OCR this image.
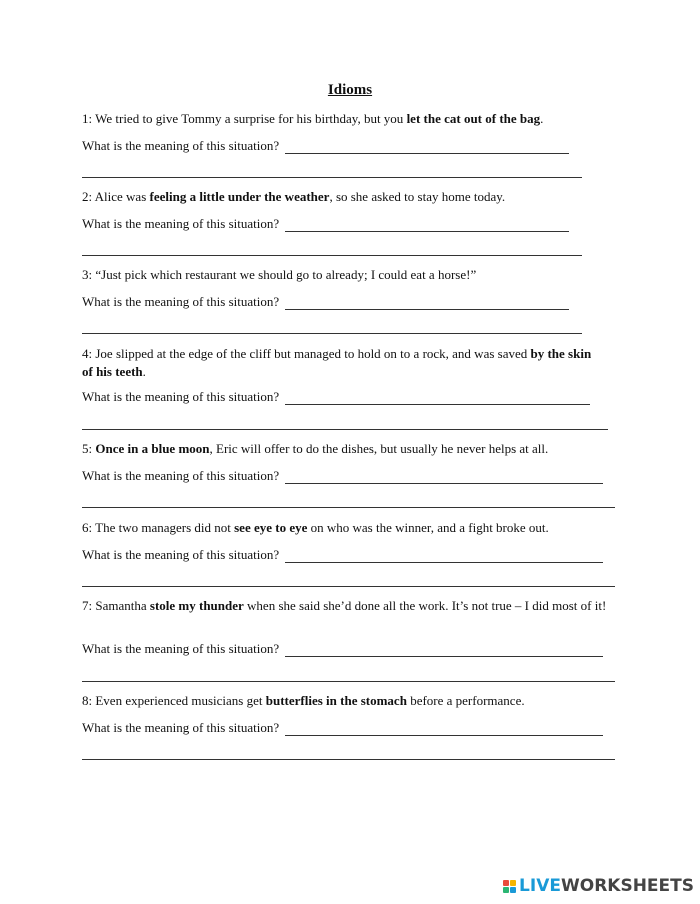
Idioms
1: We tried to give Tommy a surprise for his birthday, but you let the cat out of the bag.
What is the meaning of this situation?
2: Alice was feeling a little under the weather, so she asked to stay home today.
What is the meaning of this situation?
3: “Just pick which restaurant we should go to already; I could eat a horse!”
What is the meaning of this situation?
4: Joe slipped at the edge of the cliff but managed to hold on to a rock, and was saved by the skin of his teeth.
What is the meaning of this situation?
5: Once in a blue moon, Eric will offer to do the dishes, but usually he never helps at all.
What is the meaning of this situation?
6: The two managers did not see eye to eye on who was the winner, and a fight broke out.
What is the meaning of this situation?
7: Samantha stole my thunder when she said she’d done all the work. It’s not true – I did most of it!
What is the meaning of this situation?
8: Even experienced musicians get butterflies in the stomach before a performance.
What is the meaning of this situation?
LIVE WORKSHEETS
